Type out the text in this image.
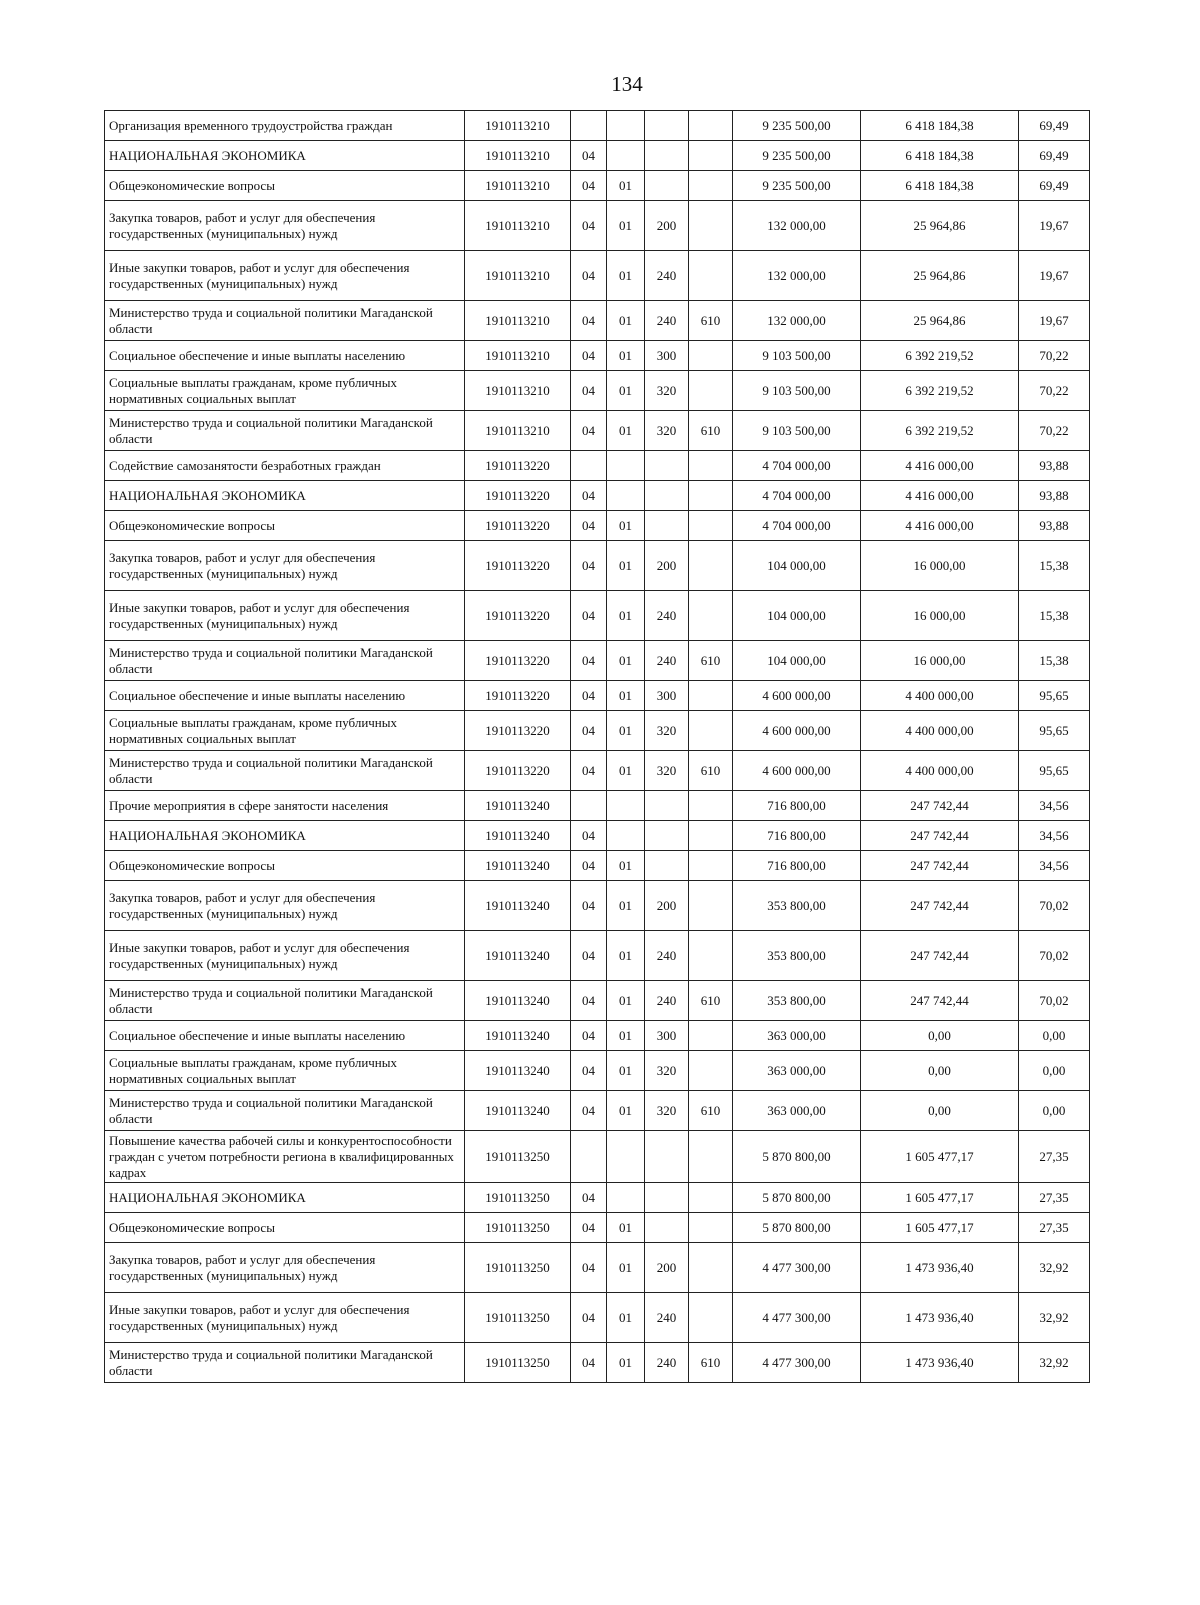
134
Организация временного трудоустройства граждан	1910113210					9 235 500,00	6 418 184,38	69,49
НАЦИОНАЛЬНАЯ ЭКОНОМИКА	1910113210	04				9 235 500,00	6 418 184,38	69,49
Общеэкономические вопросы	1910113210	04	01			9 235 500,00	6 418 184,38	69,49
Закупка товаров, работ и услуг для обеспечения государственных (муниципальных) нужд	1910113210	04	01	200		132 000,00	25 964,86	19,67
Иные закупки товаров, работ и услуг для обеспечения государственных (муниципальных) нужд	1910113210	04	01	240		132 000,00	25 964,86	19,67
Министерство труда и социальной политики Магаданской области	1910113210	04	01	240	610	132 000,00	25 964,86	19,67
Социальное обеспечение и иные выплаты населению	1910113210	04	01	300		9 103 500,00	6 392 219,52	70,22
Социальные выплаты гражданам, кроме публичных нормативных социальных выплат	1910113210	04	01	320		9 103 500,00	6 392 219,52	70,22
Министерство труда и социальной политики Магаданской области	1910113210	04	01	320	610	9 103 500,00	6 392 219,52	70,22
Содействие самозанятости безработных граждан	1910113220					4 704 000,00	4 416 000,00	93,88
НАЦИОНАЛЬНАЯ ЭКОНОМИКА	1910113220	04				4 704 000,00	4 416 000,00	93,88
Общеэкономические вопросы	1910113220	04	01			4 704 000,00	4 416 000,00	93,88
Закупка товаров, работ и услуг для обеспечения государственных (муниципальных) нужд	1910113220	04	01	200		104 000,00	16 000,00	15,38
Иные закупки товаров, работ и услуг для обеспечения государственных (муниципальных) нужд	1910113220	04	01	240		104 000,00	16 000,00	15,38
Министерство труда и социальной политики Магаданской области	1910113220	04	01	240	610	104 000,00	16 000,00	15,38
Социальное обеспечение и иные выплаты населению	1910113220	04	01	300		4 600 000,00	4 400 000,00	95,65
Социальные выплаты гражданам, кроме публичных нормативных социальных выплат	1910113220	04	01	320		4 600 000,00	4 400 000,00	95,65
Министерство труда и социальной политики Магаданской области	1910113220	04	01	320	610	4 600 000,00	4 400 000,00	95,65
Прочие мероприятия в сфере занятости населения	1910113240					716 800,00	247 742,44	34,56
НАЦИОНАЛЬНАЯ ЭКОНОМИКА	1910113240	04				716 800,00	247 742,44	34,56
Общеэкономические вопросы	1910113240	04	01			716 800,00	247 742,44	34,56
Закупка товаров, работ и услуг для обеспечения государственных (муниципальных) нужд	1910113240	04	01	200		353 800,00	247 742,44	70,02
Иные закупки товаров, работ и услуг для обеспечения государственных (муниципальных) нужд	1910113240	04	01	240		353 800,00	247 742,44	70,02
Министерство труда и социальной политики Магаданской области	1910113240	04	01	240	610	353 800,00	247 742,44	70,02
Социальное обеспечение и иные выплаты населению	1910113240	04	01	300		363 000,00	0,00	0,00
Социальные выплаты гражданам, кроме публичных нормативных социальных выплат	1910113240	04	01	320		363 000,00	0,00	0,00
Министерство труда и социальной политики Магаданской области	1910113240	04	01	320	610	363 000,00	0,00	0,00
Повышение качества рабочей силы и конкурентоспособности граждан с учетом потребности региона в квалифицированных кадрах	1910113250					5 870 800,00	1 605 477,17	27,35
НАЦИОНАЛЬНАЯ ЭКОНОМИКА	1910113250	04				5 870 800,00	1 605 477,17	27,35
Общеэкономические вопросы	1910113250	04	01			5 870 800,00	1 605 477,17	27,35
Закупка товаров, работ и услуг для обеспечения государственных (муниципальных) нужд	1910113250	04	01	200		4 477 300,00	1 473 936,40	32,92
Иные закупки товаров, работ и услуг для обеспечения государственных (муниципальных) нужд	1910113250	04	01	240		4 477 300,00	1 473 936,40	32,92
Министерство труда и социальной политики Магаданской области	1910113250	04	01	240	610	4 477 300,00	1 473 936,40	32,92
